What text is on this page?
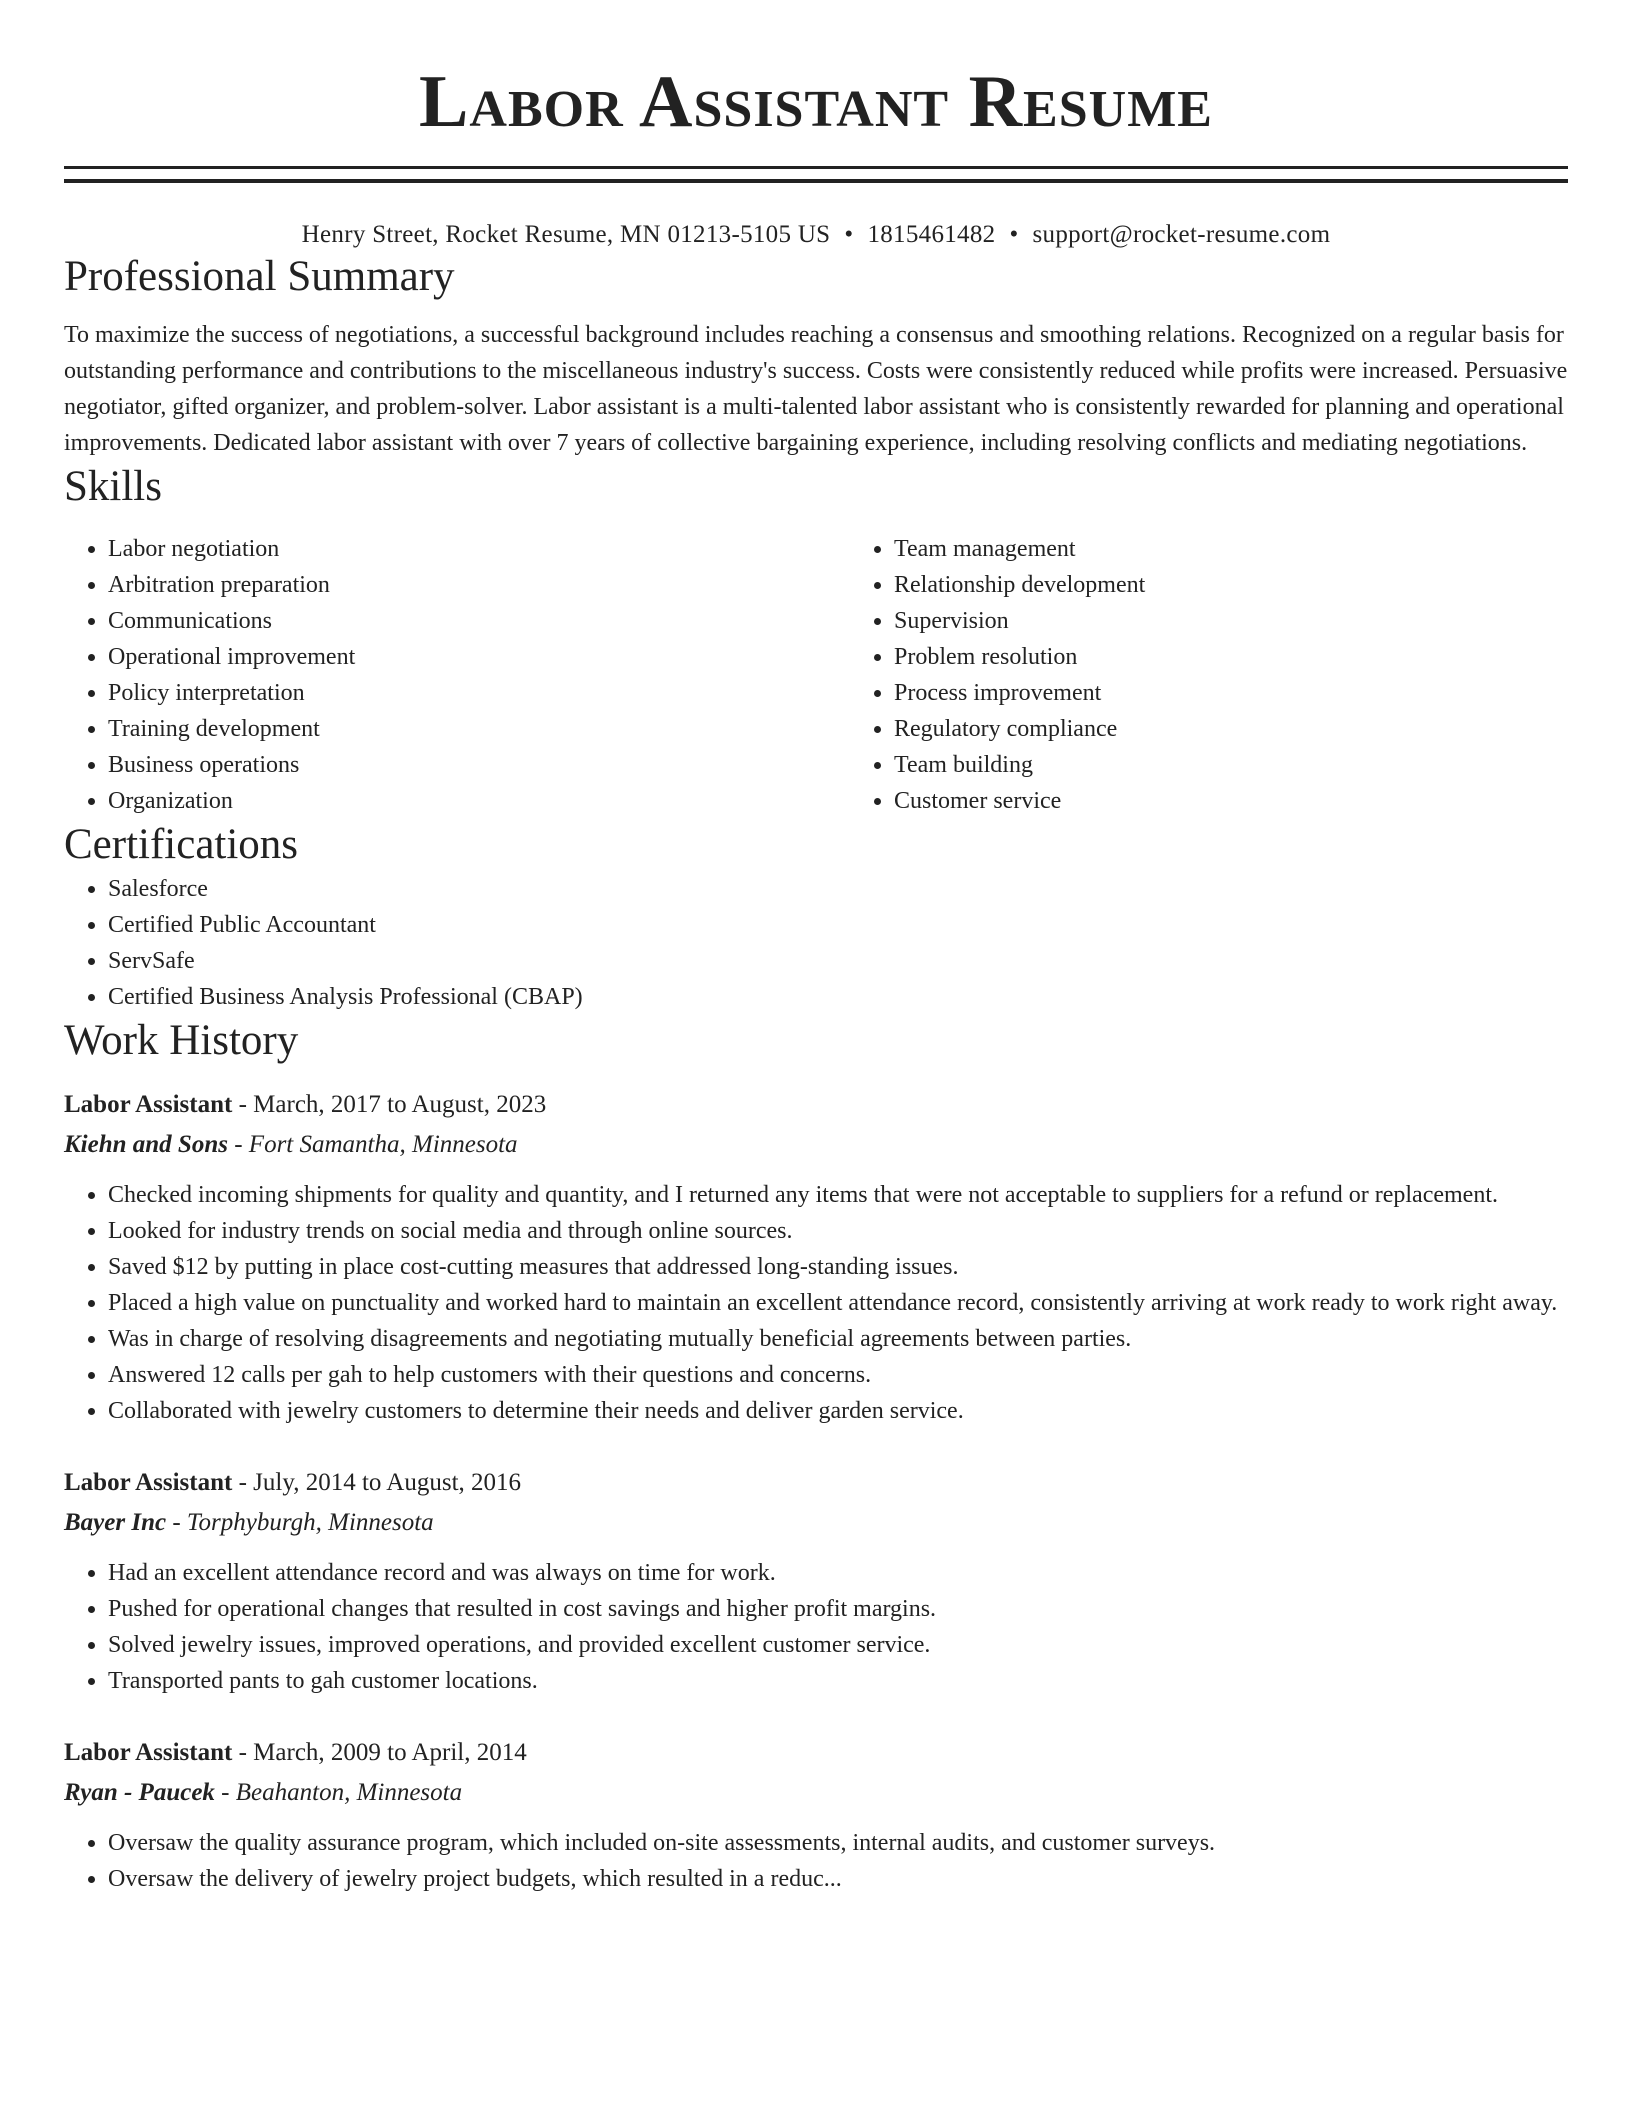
Labor Assistant Resume
Henry Street, Rocket Resume, MN 01213-5105 US • 1815461482 • support@rocket-resume.com
Professional Summary

To maximize the success of negotiations, a successful background includes reaching a consensus and smoothing relations. Recognized on a regular basis for outstanding performance and contributions to the miscellaneous industry's success. Costs were consistently reduced while profits were increased. Persuasive negotiator, gifted organizer, and problem-solver. Labor assistant is a multi-talented labor assistant who is consistently rewarded for planning and operational improvements. Dedicated labor assistant with over 7 years of collective bargaining experience, including resolving conflicts and mediating negotiations.

Skills
• Labor negotiation
• Arbitration preparation
• Communications
• Operational improvement
• Policy interpretation
• Training development
• Business operations
• Organization
• Team management
• Relationship development
• Supervision
• Problem resolution
• Process improvement
• Regulatory compliance
• Team building
• Customer service
Certifications
• Salesforce
• Certified Public Accountant
• ServSafe
• Certified Business Analysis Professional (CBAP)
Work History
Labor Assistant - March, 2017 to August, 2023
Kiehn and Sons - Fort Samantha, Minnesota
• Checked incoming shipments for quality and quantity, and I returned any items that were not acceptable to suppliers for a refund or replacement.
• Looked for industry trends on social media and through online sources.
• Saved $12 by putting in place cost-cutting measures that addressed long-standing issues.
• Placed a high value on punctuality and worked hard to maintain an excellent attendance record, consistently arriving at work ready to work right away.
• Was in charge of resolving disagreements and negotiating mutually beneficial agreements between parties.
• Answered 12 calls per gah to help customers with their questions and concerns.
• Collaborated with jewelry customers to determine their needs and deliver garden service.
Labor Assistant - July, 2014 to August, 2016
Bayer Inc - Torphyburgh, Minnesota
• Had an excellent attendance record and was always on time for work.
• Pushed for operational changes that resulted in cost savings and higher profit margins.
• Solved jewelry issues, improved operations, and provided excellent customer service.
• Transported pants to gah customer locations.
Labor Assistant - March, 2009 to April, 2014
Ryan - Paucek - Beahanton, Minnesota
• Oversaw the quality assurance program, which included on-site assessments, internal audits, and customer surveys.
• Oversaw the delivery of jewelry project budgets, which resulted in a reduc...
